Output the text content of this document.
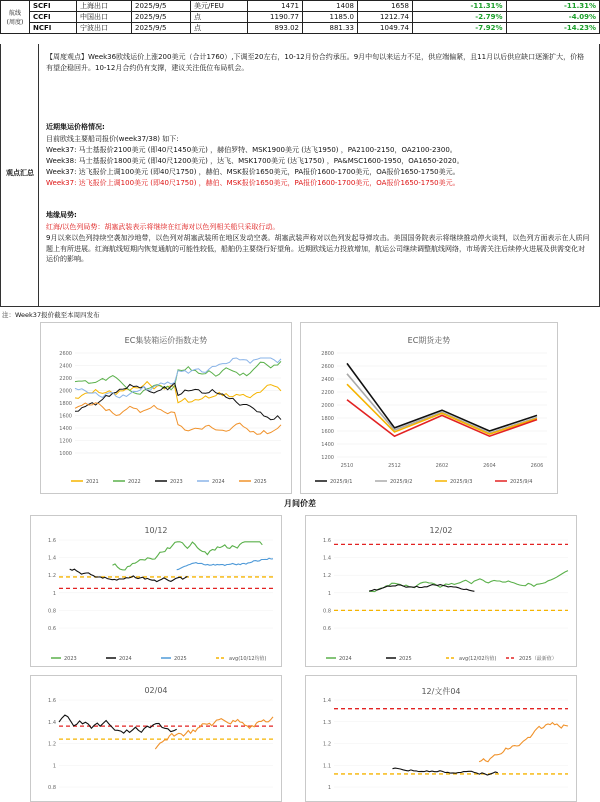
航线 (周度)	SCFI	上海出口	2025/9/5	美元/FEU	1471	1408	1658	-11.31%	-11.31%
	CCFI	中国出口	2025/9/5	点	1190.77	1185.0	1212.74	-2.79%	-4.09%
	NCFI	宁波出口	2025/9/5	点	893.02	881.33	1049.74	-7.92%	-14.23%
观点汇总
【周度观点】Week36欧线运价上涨200美元（合计1760）,下调至20左右，10-12月份合约承压。9月中旬以来运力不足，供应端偏紧，且11月以后供应缺口逐渐扩大，价格有望企稳回升。10-12月合约仍有支撑，建议关注低位布局机会。
近期集运价格情况:
目前欧线主要船司报价(week37/38) 如下:
Week37: 马士基报价2100美元 (即40尺1450美元) ，赫伯罗特、MSK1900美元 (达飞1950) ，PA2100-2150，OA2100-2300。
Week38: 马士基报价1800美元 (即40尺1200美元) ，达飞、MSK1700美元 (达飞1750) ，PA&MSC1600-1950，OA1650-2020。
Week37: 达飞报价上调100美元 (即40尺1750) ，赫伯、MSK报价1650美元，PA报价1600-1700美元，OA报价1650-1750美元。
Week37: 达飞报价上调100美元 (即40尺1750) ，赫伯、MSK报价1650美元，PA报价1600-1700美元，OA报价1650-1750美元。
地缘局势:
红海/以色列局势：胡塞武装表示将继续在红海对以色列相关船只采取行动。
9月以来以色列持续空袭加沙地带，以色列对胡塞武装所在地区发动空袭。胡塞武装声称对以色列发起导弹攻击。美国国务院表示将继续推动停火谈判，以色列方面表示在人质问题上有所进展。红海航线短期内恢复通航的可能性较低，船舶仍主要绕行好望角。近期欧线运力投放增加，航运公司继续调整航线网络，市场需关注后续停火进展及供需变化对运价的影响。
注：Week37报价截至本周四发布
EC集装箱运价指数走势
2600
2400
2200
2000
1800
1600
1400
1200
1000
2021	2022	2023	2024	2025
EC期货走势
2800
2600
2400
2200
2000
1800
1600
1400
1200
2510	2512	2602	2604	2606
2025/9/1	2025/9/2	2025/9/3	2025/9/4
月间价差
10/12
1.6
1.4
1.2
1
0.8
0.6
2023	2024	2025	avg(10/12均值)
12/02
1.6
1.4
1.2
1
0.8
0.6
2024	2025	avg(12/02均值)	2025（最新值）
02/04
1.6
1.4
1.2
1
0.8
12/文件04
1.4
1.3
1.2
1.1
1
